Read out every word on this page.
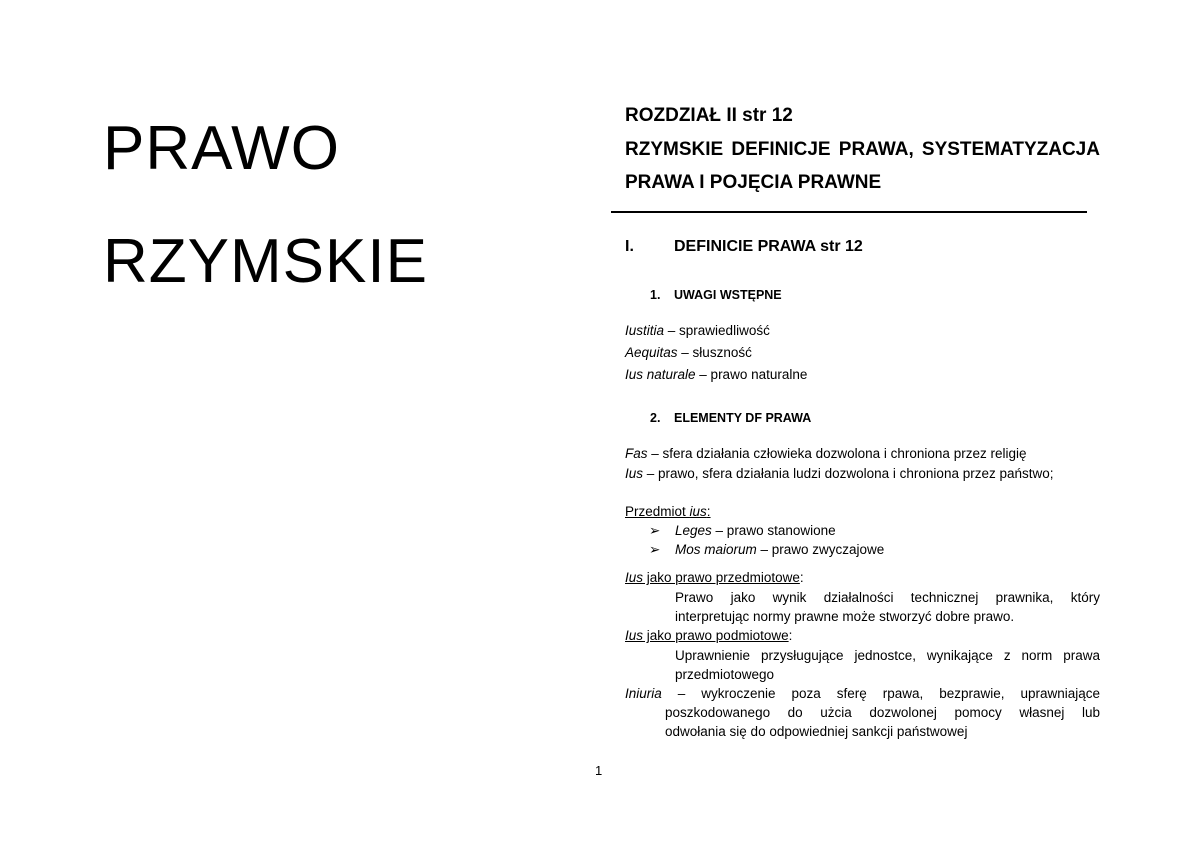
PRAWO
RZYMSKIE
ROZDZIAŁ II str 12
RZYMSKIE DEFINICJE PRAWA, SYSTEMATYZACJA
PRAWA I POJĘCIA PRAWNE
I.	DEFINICIE PRAWA str 12
1. UWAGI WSTĘPNE
Iustitia – sprawiedliwość
Aequitas – słuszność
Ius naturale – prawo naturalne
2. ELEMENTY DF PRAWA
Fas – sfera działania człowieka dozwolona i chroniona przez religię
Ius – prawo, sfera działania ludzi dozwolona i chroniona przez państwo;
Przedmiot ius:
➢ Leges – prawo stanowione
➢ Mos maiorum – prawo zwyczajowe
Ius jako prawo przedmiotowe:
Prawo jako wynik działalności technicznej prawnika, który
interpretując normy prawne może stworzyć dobre prawo.
Ius jako prawo podmiotowe:
Uprawnienie przysługujące jednostce, wynikające z norm prawa
przedmiotowego
Iniuria – wykroczenie poza sferę rpawa, bezprawie, uprawniające
poszkodowanego do użcia dozwolonej pomocy własnej lub
odwołania się do odpowiedniej sankcji państwowej
1
